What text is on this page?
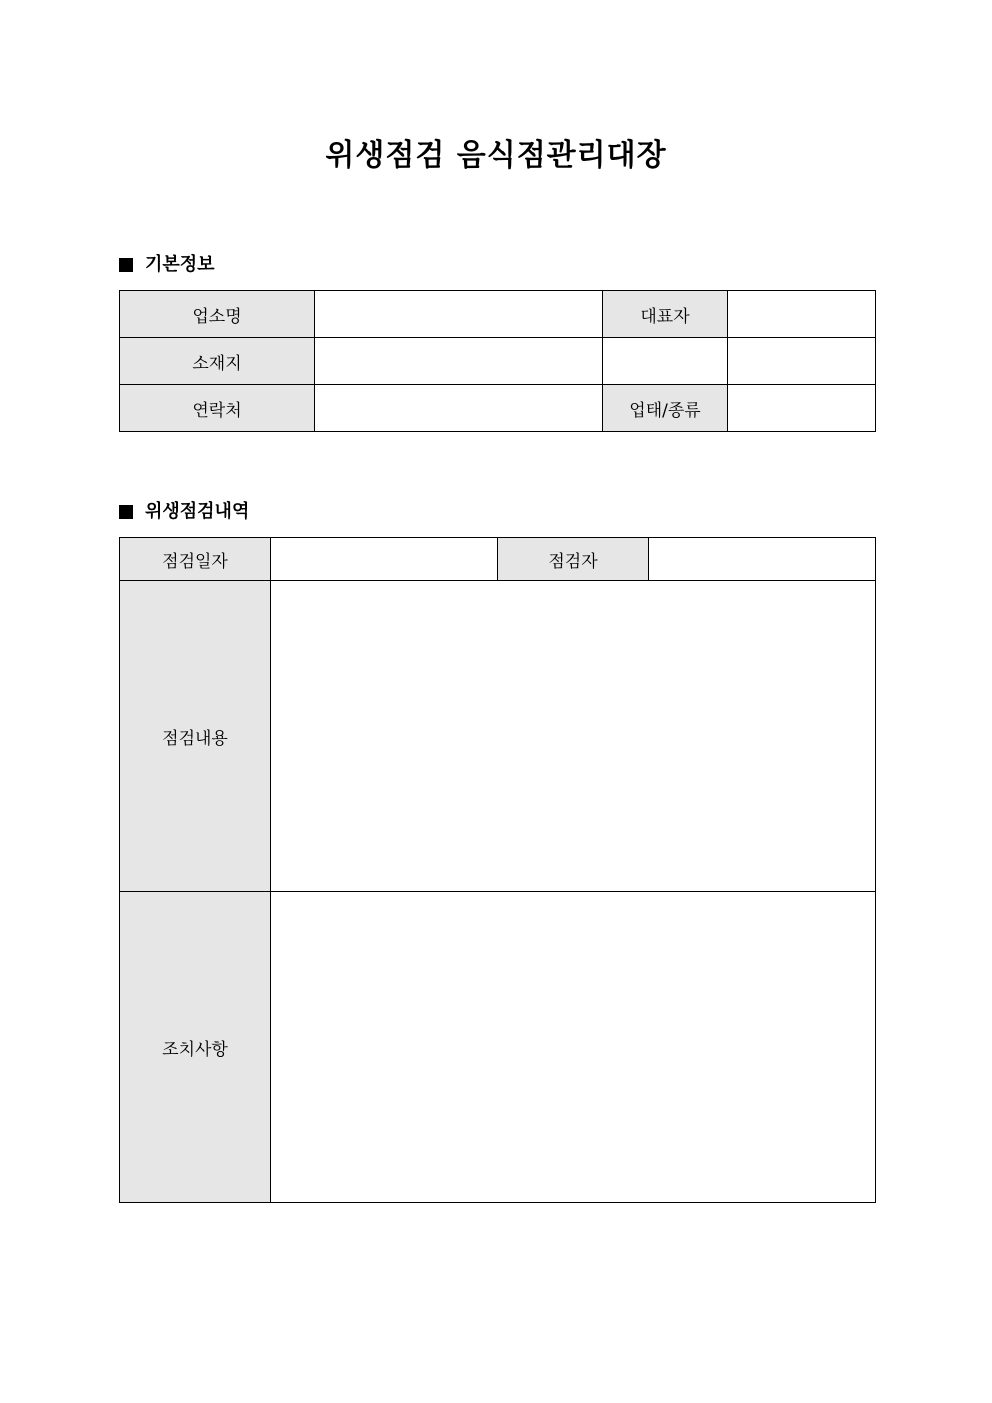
위생점검 음식점관리대장
기본정보
업소명		대표자	
소재지			
연락처		업태/종류	
위생점검내역
점검일자		점검자	
점검내용			
조치사항			
